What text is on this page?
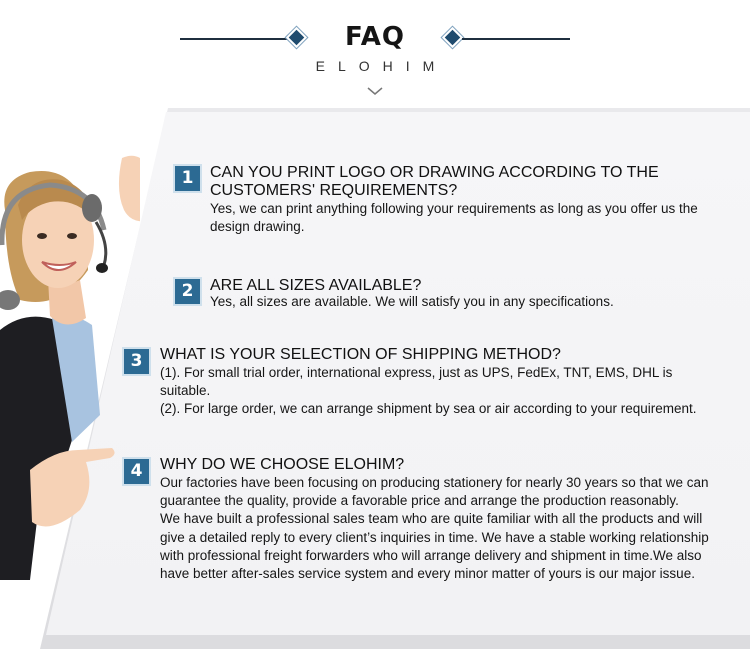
FAQ
ELOHIM
1	CAN YOU PRINT LOGO OR DRAWING ACCORDING TO THE CUSTOMERS' REQUIREMENTS?

Yes, we can print anything following your requirements as long as you offer us the design drawing.

2	ARE ALL SIZES AVAILABLE?

Yes, all sizes are available. We will satisfy you in any specifications.

3	WHAT IS YOUR SELECTION OF SHIPPING METHOD?

(1). For small trial order, international express, just as UPS, FedEx, TNT, EMS, DHL is suitable.

(2). For large order, we can arrange shipment by sea or air according to your requirement.

4	WHY DO WE CHOOSE ELOHIM?

Our factories have been focusing on producing stationery for nearly 30 years so that we can guarantee the quality, provide a favorable price and arrange the production reasonably.

We have built a professional sales team who are quite familiar with all the products and will give a detailed reply to every client’s inquiries in time. We have a stable working relationship with professional freight forwarders who will arrange delivery and shipment in time.We also have better after-sales service system and every minor matter of yours is our major issue.
